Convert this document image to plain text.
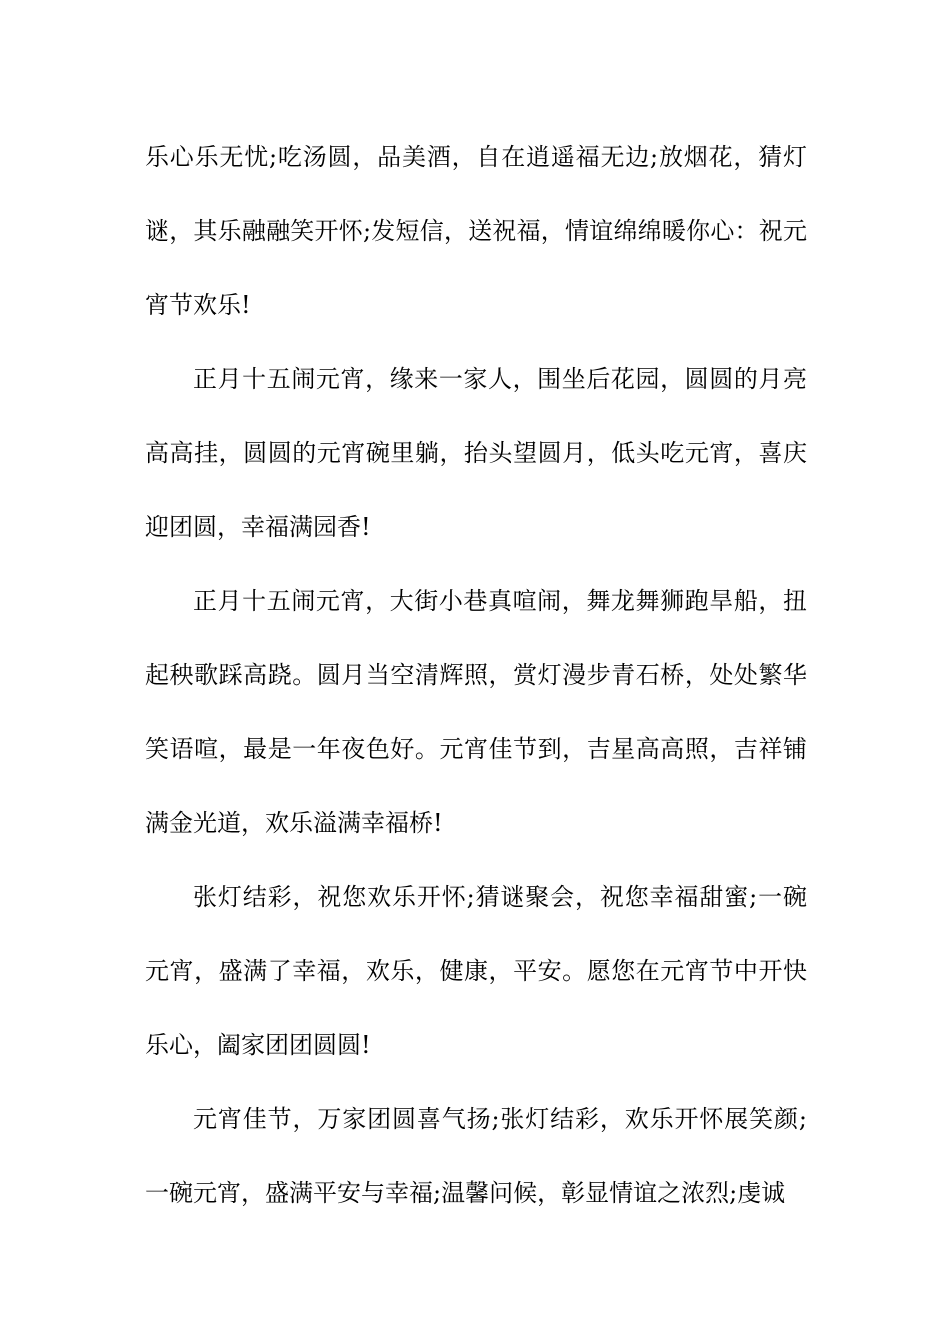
乐心乐无忧;吃汤圆，品美酒，自在逍遥福无边;放烟花，猜灯谜，其乐融融笑开怀;发短信，送祝福，情谊绵绵暖你心：祝元宵节欢乐!

正月十五闹元宵，缘来一家人，围坐后花园，圆圆的月亮高高挂，圆圆的元宵碗里躺，抬头望圆月，低头吃元宵，喜庆迎团圆，幸福满园香!

正月十五闹元宵，大街小巷真喧闹，舞龙舞狮跑旱船，扭起秧歌踩高跷。圆月当空清辉照，赏灯漫步青石桥，处处繁华笑语喧，最是一年夜色好。元宵佳节到，吉星高高照，吉祥铺满金光道，欢乐溢满幸福桥!

张灯结彩，祝您欢乐开怀;猜谜聚会，祝您幸福甜蜜;一碗元宵，盛满了幸福，欢乐，健康，平安。愿您在元宵节中开快乐心，阖家团团圆圆!

元宵佳节，万家团圆喜气扬;张灯结彩，欢乐开怀展笑颜;一碗元宵，盛满平安与幸福;温馨问候，彰显情谊之浓烈;虔诚
